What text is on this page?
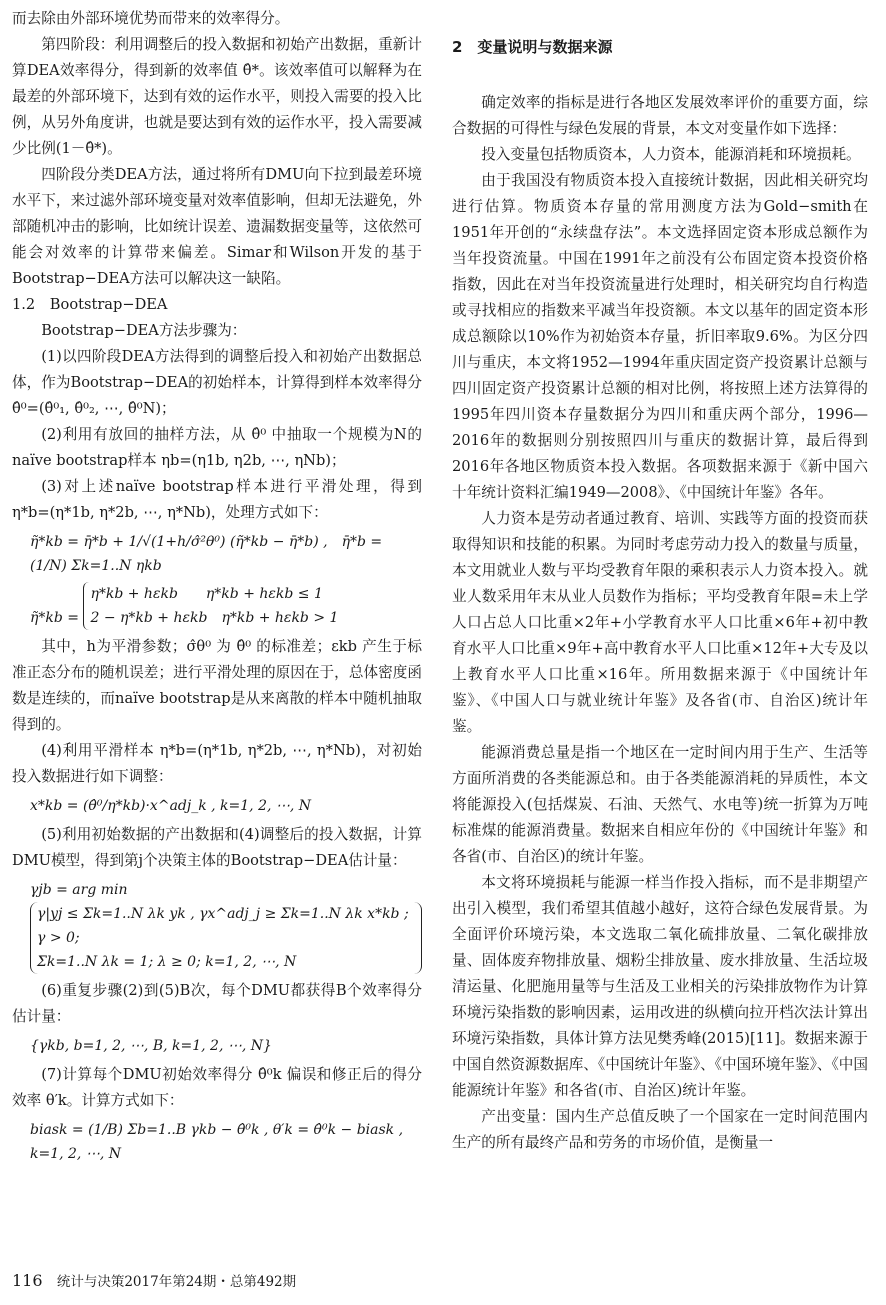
而去除由外部环境优势而带来的效率得分。

第四阶段：利用调整后的投入数据和初始产出数据，重新计算DEA效率得分，得到新的效率值 θ̂*。该效率值可以解释为在最差的外部环境下，达到有效的运作水平，则投入需要的投入比例，从另外角度讲，也就是要达到有效的运作水平，投入需要减少比例(1－θ̂*)。

四阶段分类DEA方法，通过将所有DMU向下拉到最差环境水平下，来过滤外部环境变量对效率值影响，但却无法避免，外部随机冲击的影响，比如统计误差、遗漏数据变量等，这依然可能会对效率的计算带来偏差。Simar和Wilson开发的基于Bootstrap−DEA方法可以解决这一缺陷。

1.2　Bootstrap−DEA

Bootstrap−DEA方法步骤为：

(1)以四阶段DEA方法得到的调整后投入和初始产出数据总体，作为Bootstrap−DEA的初始样本，计算得到样本效率得分 θ̂⁰=(θ̂⁰₁, θ̂⁰₂, ⋯, θ̂⁰N)；

(2)利用有放回的抽样方法，从 θ̂⁰ 中抽取一个规模为N的naïve bootstrap样本 ηb=(η1b, η2b, ⋯, ηNb)；

(3)对上述naïve bootstrap样本进行平滑处理，得到 η*b=(η*1b, η*2b, ⋯, η*Nb)，处理方式如下：

η̃*kb = η̄*b + 1/√(1+h/σ̂²θ⁰) (η̃*kb − η̄*b) ,　η̄*b = (1/N) Σk=1..N ηkb
η̃*kb =
η*kb + hεkb　　η*kb + hεkb ≤ 1
2 − η*kb + hεkb　η*kb + hεkb > 1

其中，h为平滑参数；σ̂θ⁰ 为 θ̂⁰ 的标准差；εkb 产生于标准正态分布的随机误差；进行平滑处理的原因在于，总体密度函数是连续的，而naïve bootstrap是从来离散的样本中随机抽取得到的。

(4)利用平滑样本 η*b=(η*1b, η*2b, ⋯, η*Nb)，对初始投入数据进行如下调整：

x*kb = (θ̂⁰/η*kb)·x^adj_k , k=1, 2, ⋯, N

(5)利用初始数据的产出数据和(4)调整后的投入数据，计算DMU模型，得到第j个决策主体的Bootstrap−DEA估计量：

γjb = arg min
γ|yj ≤ Σk=1..N λk yk , γx^adj_j ≥ Σk=1..N λk x*kb ; γ > 0;
Σk=1..N λk = 1; λ ≥ 0; k=1, 2, ⋯, N

(6)重复步骤(2)到(5)B次，每个DMU都获得B个效率得分估计量：

{γkb, b=1, 2, ⋯, B, k=1, 2, ⋯, N}

(7)计算每个DMU初始效率得分 θ̂⁰k 偏误和修正后的得分效率 θ′k。计算方式如下：

biask = (1/B) Σb=1..B γkb − θ̂⁰k , θ′k = θ̂⁰k − biask , k=1, 2, ⋯, N
2　变量说明与数据来源

确定效率的指标是进行各地区发展效率评价的重要方面，综合数据的可得性与绿色发展的背景，本文对变量作如下选择：

投入变量包括物质资本，人力资本，能源消耗和环境损耗。

由于我国没有物质资本投入直接统计数据，因此相关研究均进行估算。物质资本存量的常用测度方法为Gold−smith在1951年开创的“永续盘存法”。本文选择固定资本形成总额作为当年投资流量。中国在1991年之前没有公布固定资本投资价格指数，因此在对当年投资流量进行处理时，相关研究均自行构造或寻找相应的指数来平减当年投资额。本文以基年的固定资本形成总额除以10%作为初始资本存量，折旧率取9.6%。为区分四川与重庆，本文将1952—1994年重庆固定资产投资累计总额与四川固定资产投资累计总额的相对比例，将按照上述方法算得的1995年四川资本存量数据分为四川和重庆两个部分，1996—2016年的数据则分别按照四川与重庆的数据计算，最后得到2016年各地区物质资本投入数据。各项数据来源于《新中国六十年统计资料汇编1949—2008》、《中国统计年鉴》各年。

人力资本是劳动者通过教育、培训、实践等方面的投资而获取得知识和技能的积累。为同时考虑劳动力投入的数量与质量，本文用就业人数与平均受教育年限的乘积表示人力资本投入。就业人数采用年末从业人员数作为指标；平均受教育年限=未上学人口占总人口比重×2年+小学教育水平人口比重×6年+初中教育水平人口比重×9年+高中教育水平人口比重×12年+大专及以上教育水平人口比重×16年。所用数据来源于《中国统计年鉴》、《中国人口与就业统计年鉴》及各省(市、自治区)统计年鉴。

能源消费总量是指一个地区在一定时间内用于生产、生活等方面所消费的各类能源总和。由于各类能源消耗的异质性，本文将能源投入(包括煤炭、石油、天然气、水电等)统一折算为万吨标准煤的能源消费量。数据来自相应年份的《中国统计年鉴》和各省(市、自治区)的统计年鉴。

本文将环境损耗与能源一样当作投入指标，而不是非期望产出引入模型，我们希望其值越小越好，这符合绿色发展背景。为全面评价环境污染，本文选取二氧化硫排放量、二氧化碳排放量、固体废弃物排放量、烟粉尘排放量、废水排放量、生活垃圾清运量、化肥施用量等与生活及工业相关的污染排放物作为计算环境污染指数的影响因素，运用改进的纵横向拉开档次法计算出环境污染指数，具体计算方法见樊秀峰(2015)[11]。数据来源于中国自然资源数据库、《中国统计年鉴》、《中国环境年鉴》、《中国能源统计年鉴》和各省(市、自治区)统计年鉴。

产出变量：国内生产总值反映了一个国家在一定时间范围内生产的所有最终产品和劳务的市场价值，是衡量一

116 统计与决策2017年第24期・总第492期
